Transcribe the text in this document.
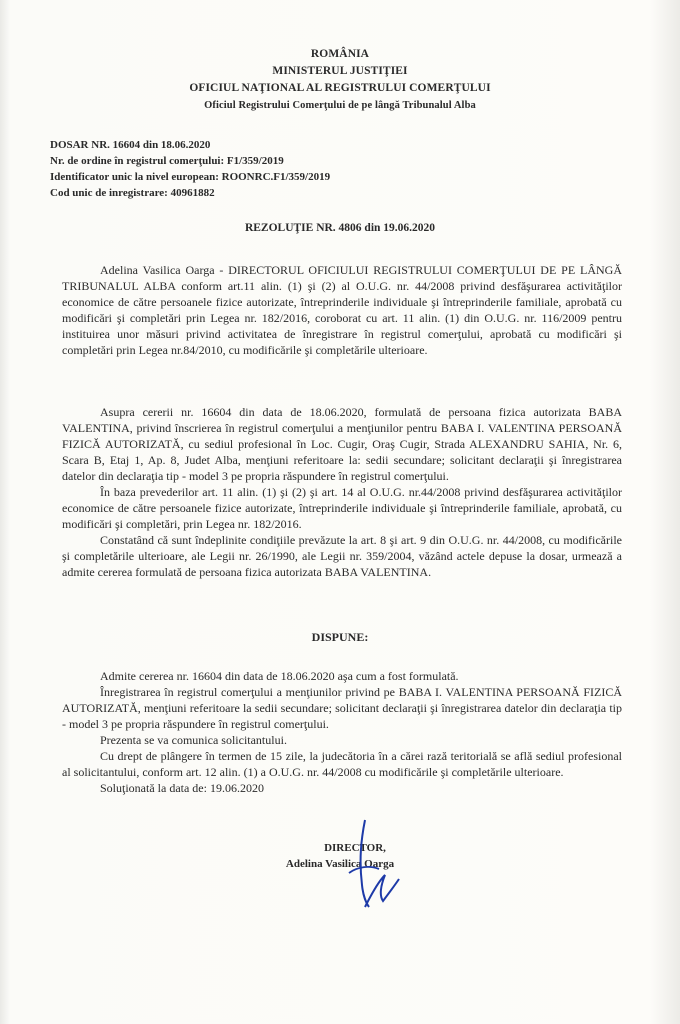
ROMÂNIA
MINISTERUL JUSTIŢIEI
OFICIUL NAŢIONAL AL REGISTRULUI COMERŢULUI
Oficiul Registrului Comerţului de pe lângă Tribunalul Alba
DOSAR NR. 16604 din 18.06.2020
Nr. de ordine în registrul comerţului: F1/359/2019
Identificator unic la nivel european: ROONRC.F1/359/2019
Cod unic de inregistrare: 40961882
REZOLUŢIE NR. 4806 din 19.06.2020

Adelina Vasilica Oarga - DIRECTORUL OFICIULUI REGISTRULUI COMERŢULUI DE PE LÂNGĂ TRIBUNALUL ALBA conform art.11 alin. (1) şi (2) al O.U.G. nr. 44/2008 privind desfăşurarea activităţilor economice de către persoanele fizice autorizate, întreprinderile individuale şi întreprinderile familiale, aprobată cu modificări şi completări prin Legea nr. 182/2016, coroborat cu art. 11 alin. (1) din O.U.G. nr. 116/2009 pentru instituirea unor măsuri privind activitatea de înregistrare în registrul comerţului, aprobată cu modificări şi completări prin Legea nr.84/2010, cu modificările şi completările ulterioare.

Asupra cererii nr. 16604 din data de 18.06.2020, formulată de persoana fizica autorizata BABA VALENTINA, privind înscrierea în registrul comerţului a menţiunilor pentru BABA I. VALENTINA PERSOANĂ FIZICĂ AUTORIZATĂ, cu sediul profesional în Loc. Cugir, Oraş Cugir, Strada ALEXANDRU SAHIA, Nr. 6, Scara B, Etaj 1, Ap. 8, Judet Alba, menţiuni referitoare la: sedii secundare; solicitant declaraţii şi înregistrarea datelor din declaraţia tip - model 3 pe propria răspundere în registrul comerţului.

În baza prevederilor art. 11 alin. (1) şi (2) şi art. 14 al O.U.G. nr.44/2008 privind desfăşurarea activităţilor economice de către persoanele fizice autorizate, întreprinderile individuale şi întreprinderile familiale, aprobată, cu modificări şi completări, prin Legea nr. 182/2016.

Constatând că sunt îndeplinite condiţiile prevăzute la art. 8 şi art. 9 din O.U.G. nr. 44/2008, cu modificările şi completările ulterioare, ale Legii nr. 26/1990, ale Legii nr. 359/2004, văzând actele depuse la dosar, urmează a admite cererea formulată de persoana fizica autorizata BABA VALENTINA.

DISPUNE:

Admite cererea nr. 16604 din data de 18.06.2020 aşa cum a fost formulată.

Înregistrarea în registrul comerţului a menţiunilor privind pe BABA I. VALENTINA PERSOANĂ FIZICĂ AUTORIZATĂ, menţiuni referitoare la sedii secundare; solicitant declaraţii şi înregistrarea datelor din declaraţia tip - model 3 pe propria răspundere în registrul comerţului.

Prezenta se va comunica solicitantului.

Cu drept de plângere în termen de 15 zile, la judecătoria în a cărei rază teritorială se află sediul profesional al solicitantului, conform art. 12 alin. (1) a O.U.G. nr. 44/2008 cu modificările şi completările ulterioare.

Soluţionată la data de: 19.06.2020

DIRECTOR,
Adelina Vasilica Oarga
